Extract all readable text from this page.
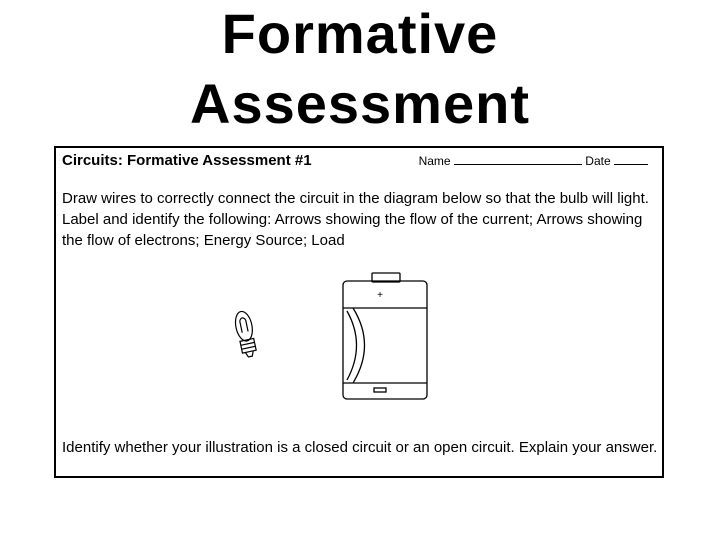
Formative
Assessment
Circuits: Formative Assessment #1	Name	Date
Draw wires to correctly connect the circuit in the diagram below so that the bulb will light. Label and identify the following: Arrows showing the flow of the current; Arrows showing the flow of electrons; Energy Source; Load
+
Identify whether your illustration is a closed circuit or an open circuit. Explain your answer.
